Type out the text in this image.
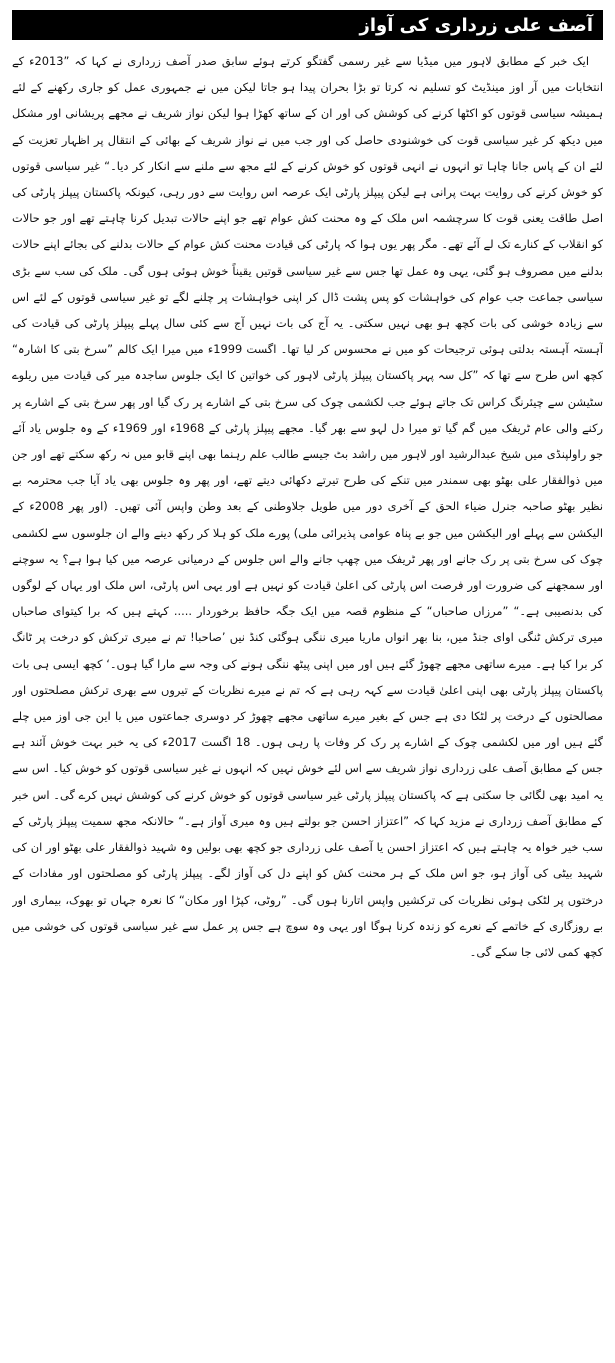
آصف علی زرداری کی آواز

ایک خبر کے مطابق لاہور میں میڈیا سے غیر رسمی گفتگو کرتے ہوئے سابق صدر آصف زرداری نے کہا کہ ”2013ء کے انتخابات میں آر اوز مینڈیٹ کو تسلیم نہ کرتا تو بڑا بحران پیدا ہو جاتا لیکن میں نے جمہوری عمل کو جاری رکھنے کے لئے ہمیشہ سیاسی قوتوں کو اکٹھا کرنے کی کوشش کی اور ان کے ساتھ کھڑا ہوا لیکن نواز شریف نے مجھے پریشانی اور مشکل میں دیکھ کر غیر سیاسی قوت کی خوشنودی حاصل کی اور جب میں نے نواز شریف کے بھائی کے انتقال پر اظہار تعزیت کے لئے ان کے پاس جانا چاہا تو انہوں نے انہی قوتوں کو خوش کرنے کے لئے مجھ سے ملنے سے انکار کر دیا۔“ غیر سیاسی قوتوں کو خوش کرنے کی روایت بہت پرانی ہے لیکن پیپلز پارٹی ایک عرصہ اس روایت سے دور رہی، کیونکہ پاکستان پیپلز پارٹی کی اصل طاقت یعنی قوت کا سرچشمہ اس ملک کے وہ محنت کش عوام تھے جو اپنے حالات تبدیل کرنا چاہتے تھے اور جو حالات کو انقلاب کے کنارے تک لے آئے تھے۔ مگر پھر یوں ہوا کہ پارٹی کی قیادت محنت کش عوام کے حالات بدلنے کی بجائے اپنے حالات بدلنے میں مصروف ہو گئی، یہی وہ عمل تھا جس سے غیر سیاسی قوتیں یقیناً خوش ہوئی ہوں گی۔ ملک کی سب سے بڑی سیاسی جماعت جب عوام کی خواہشات کو پس پشت ڈال کر اپنی خواہشات پر چلنے لگے تو غیر سیاسی قوتوں کے لئے اس سے زیادہ خوشی کی بات کچھ ہو بھی نہیں سکتی۔ یہ آج کی بات نہیں آج سے کئی سال پہلے پیپلز پارٹی کی قیادت کی آہستہ آہستہ بدلتی ہوئی ترجیحات کو میں نے محسوس کر لیا تھا۔ اگست 1999ء میں میرا ایک کالم ”سرخ بتی کا اشارہ“ کچھ اس طرح سے تھا کہ ”کل سہ پہر پاکستان پیپلز پارٹی لاہور کی خواتین کا ایک جلوس ساجدہ میر کی قیادت میں ریلوے سٹیشن سے چیئرنگ کراس تک جاتے ہوئے جب لکشمی چوک کی سرخ بتی کے اشارے پر رک گیا اور پھر سرخ بتی کے اشارے پر رکنے والی عام ٹریفک میں گم گیا تو میرا دل لہو سے بھر گیا۔ مجھے پیپلز پارٹی کے 1968ء اور 1969ء کے وہ جلوس یاد آئے جو راولپنڈی میں شیخ عبدالرشید اور لاہور میں راشد بٹ جیسے طالب علم رہنما بھی اپنے قابو میں نہ رکھ سکتے تھے اور جن میں ذوالفقار علی بھٹو بھی سمندر میں تنکے کی طرح تیرتے دکھائی دیتے تھے، اور پھر وہ جلوس بھی یاد آیا جب محترمہ بے نظیر بھٹو صاحبہ جنرل ضیاء الحق کے آخری دور میں طویل جلاوطنی کے بعد وطن واپس آئی تھیں۔ (اور پھر 2008ء کے الیکشن سے پہلے اور الیکشن میں جو بے پناہ عوامی پذیرائی ملی) پورے ملک کو ہلا کر رکھ دینے والے ان جلوسوں سے لکشمی چوک کی سرخ بتی پر رک جانے اور پھر ٹریفک میں چھپ جانے والے اس جلوس کے درمیانی عرصہ میں کیا ہوا ہے؟ یہ سوچنے اور سمجھنے کی ضرورت اور فرصت اس پارٹی کی اعلیٰ قیادت کو نہیں ہے اور یہی اس پارٹی، اس ملک اور یہاں کے لوگوں کی بدنصیبی ہے۔“ ”مرزاں صاحباں“ کے منظوم قصہ میں ایک جگہ حافظ برخوردار ..... کہتے ہیں کہ برا کیتوای صاحباں میری ترکش ٹنگی اوای جنڈ میں، بنا بھر انواں ماریا میری ننگی ہوگئی کنڈ نیں ’صاحبا! تم نے میری ترکش کو درخت پر ٹانگ کر برا کیا ہے۔ میرے ساتھی مجھے چھوڑ گئے ہیں اور میں اپنی پیٹھ ننگی ہونے کی وجہ سے مارا گیا ہوں۔‘ کچھ ایسی ہی بات پاکستان پیپلز پارٹی بھی اپنی اعلیٰ قیادت سے کہہ رہی ہے کہ تم نے میرے نظریات کے تیروں سے بھری ترکش مصلحتوں اور مصالحتوں کے درخت پر لٹکا دی ہے جس کے بغیر میرے ساتھی مجھے چھوڑ کر دوسری جماعتوں میں یا این جی اوز میں چلے گئے ہیں اور میں لکشمی چوک کے اشارے پر رک کر وفات پا رہی ہوں۔ 18 اگست 2017ء کی یہ خبر بہت خوش آئند ہے جس کے مطابق آصف علی زرداری نواز شریف سے اس لئے خوش نہیں کہ انہوں نے غیر سیاسی قوتوں کو خوش کیا۔ اس سے یہ امید بھی لگائی جا سکتی ہے کہ پاکستان پیپلز پارٹی غیر سیاسی قوتوں کو خوش کرنے کی کوشش نہیں کرے گی۔ اس خبر کے مطابق آصف زرداری نے مزید کہا کہ ”اعتزاز احسن جو بولتے ہیں وہ میری آواز ہے۔“ حالانکہ مجھ سمیت پیپلز پارٹی کے سب خیر خواہ یہ چاہتے ہیں کہ اعتزاز احسن یا آصف علی زرداری جو کچھ بھی بولیں وہ شہید ذوالفقار علی بھٹو اور ان کی شہید بیٹی کی آواز ہو، جو اس ملک کے ہر محنت کش کو اپنے دل کی آواز لگے۔ پیپلز پارٹی کو مصلحتوں اور مفادات کے درختوں پر لٹکی ہوئی نظریات کی ترکشیں واپس اتارنا ہوں گی۔ ”روٹی، کپڑا اور مکان“ کا نعرہ جہاں تو بھوک، بیماری اور بے روزگاری کے خاتمے کے نعرے کو زندہ کرنا ہوگا اور یہی وہ سوچ ہے جس پر عمل سے غیر سیاسی قوتوں کی خوشی میں کچھ کمی لائی جا سکے گی۔
